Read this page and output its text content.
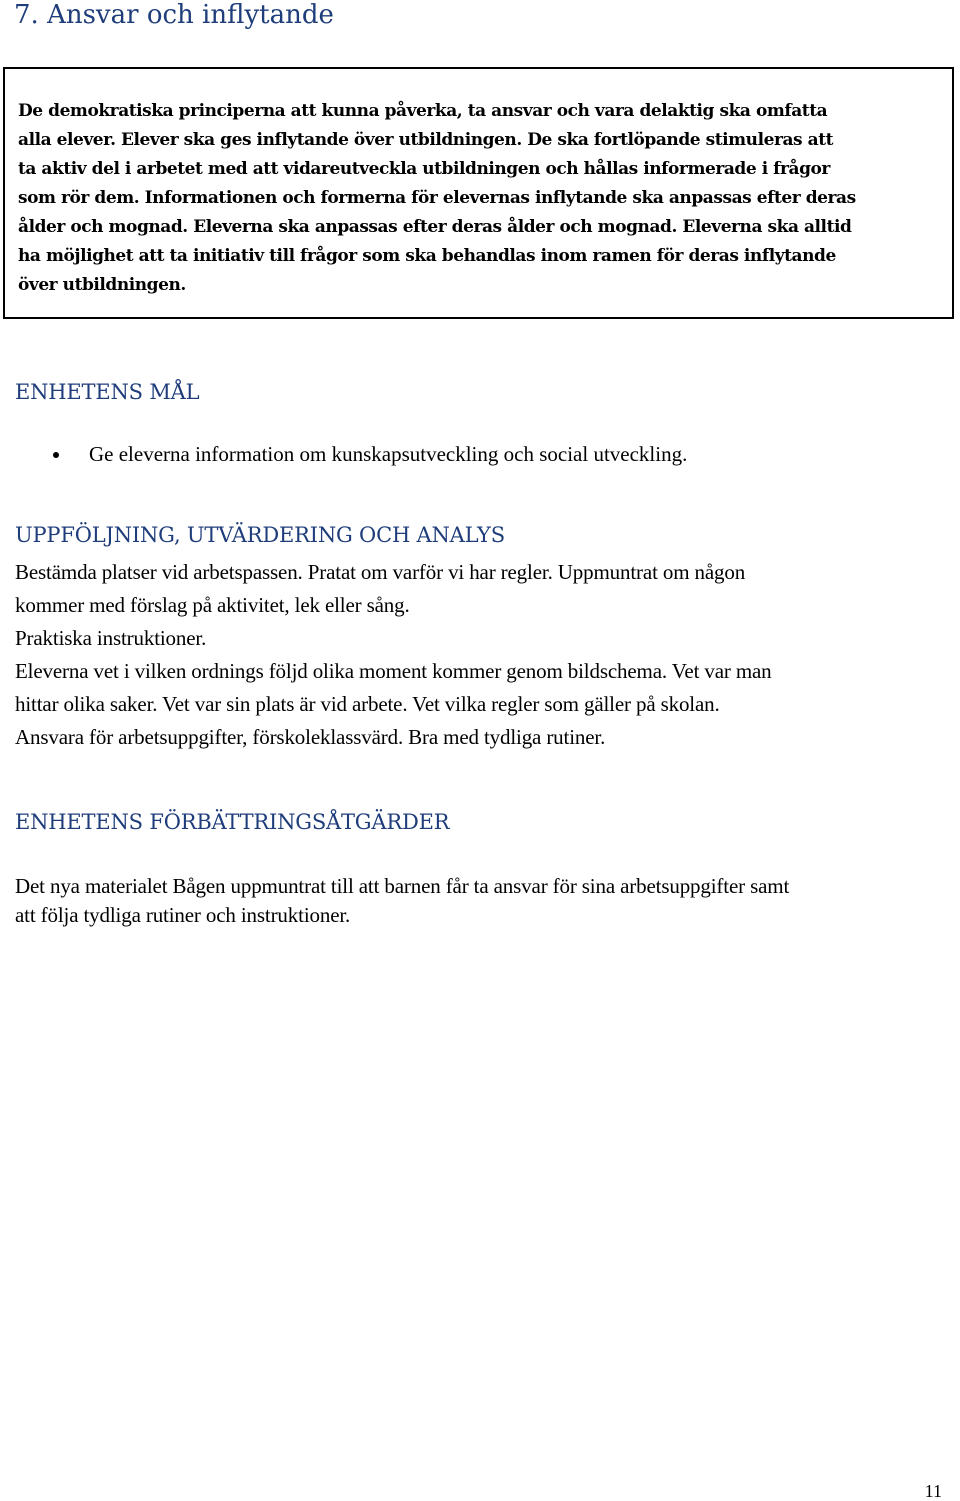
7. Ansvar och inflytande

De demokratiska principerna att kunna påverka, ta ansvar och vara delaktig ska omfatta
alla elever. Elever ska ges inflytande över utbildningen. De ska fortlöpande stimuleras att
ta aktiv del i arbetet med att vidareutveckla utbildningen och hållas informerade i frågor
som rör dem. Informationen och formerna för elevernas inflytande ska anpassas efter deras
ålder och mognad. Eleverna ska anpassas efter deras ålder och mognad. Eleverna ska alltid
ha möjlighet att ta initiativ till frågor som ska behandlas inom ramen för deras inflytande
över utbildningen.

ENHETENS MÅL
Ge eleverna information om kunskapsutveckling och social utveckling.
UPPFÖLJNING, UTVÄRDERING OCH ANALYS

Bestämda platser vid arbetspassen. Pratat om varför vi har regler. Uppmuntrat om någon
kommer med förslag på aktivitet, lek eller sång.
Praktiska instruktioner.
Eleverna vet i vilken ordnings följd olika moment kommer genom bildschema. Vet var man
hittar olika saker. Vet var sin plats är vid arbete. Vet vilka regler som gäller på skolan.
Ansvara för arbetsuppgifter, förskoleklassvärd. Bra med tydliga rutiner.

ENHETENS FÖRBÄTTRINGSÅTGÄRDER

Det nya materialet Bågen uppmuntrat till att barnen får ta ansvar för sina arbetsuppgifter samt
att följa tydliga rutiner och instruktioner.

11
